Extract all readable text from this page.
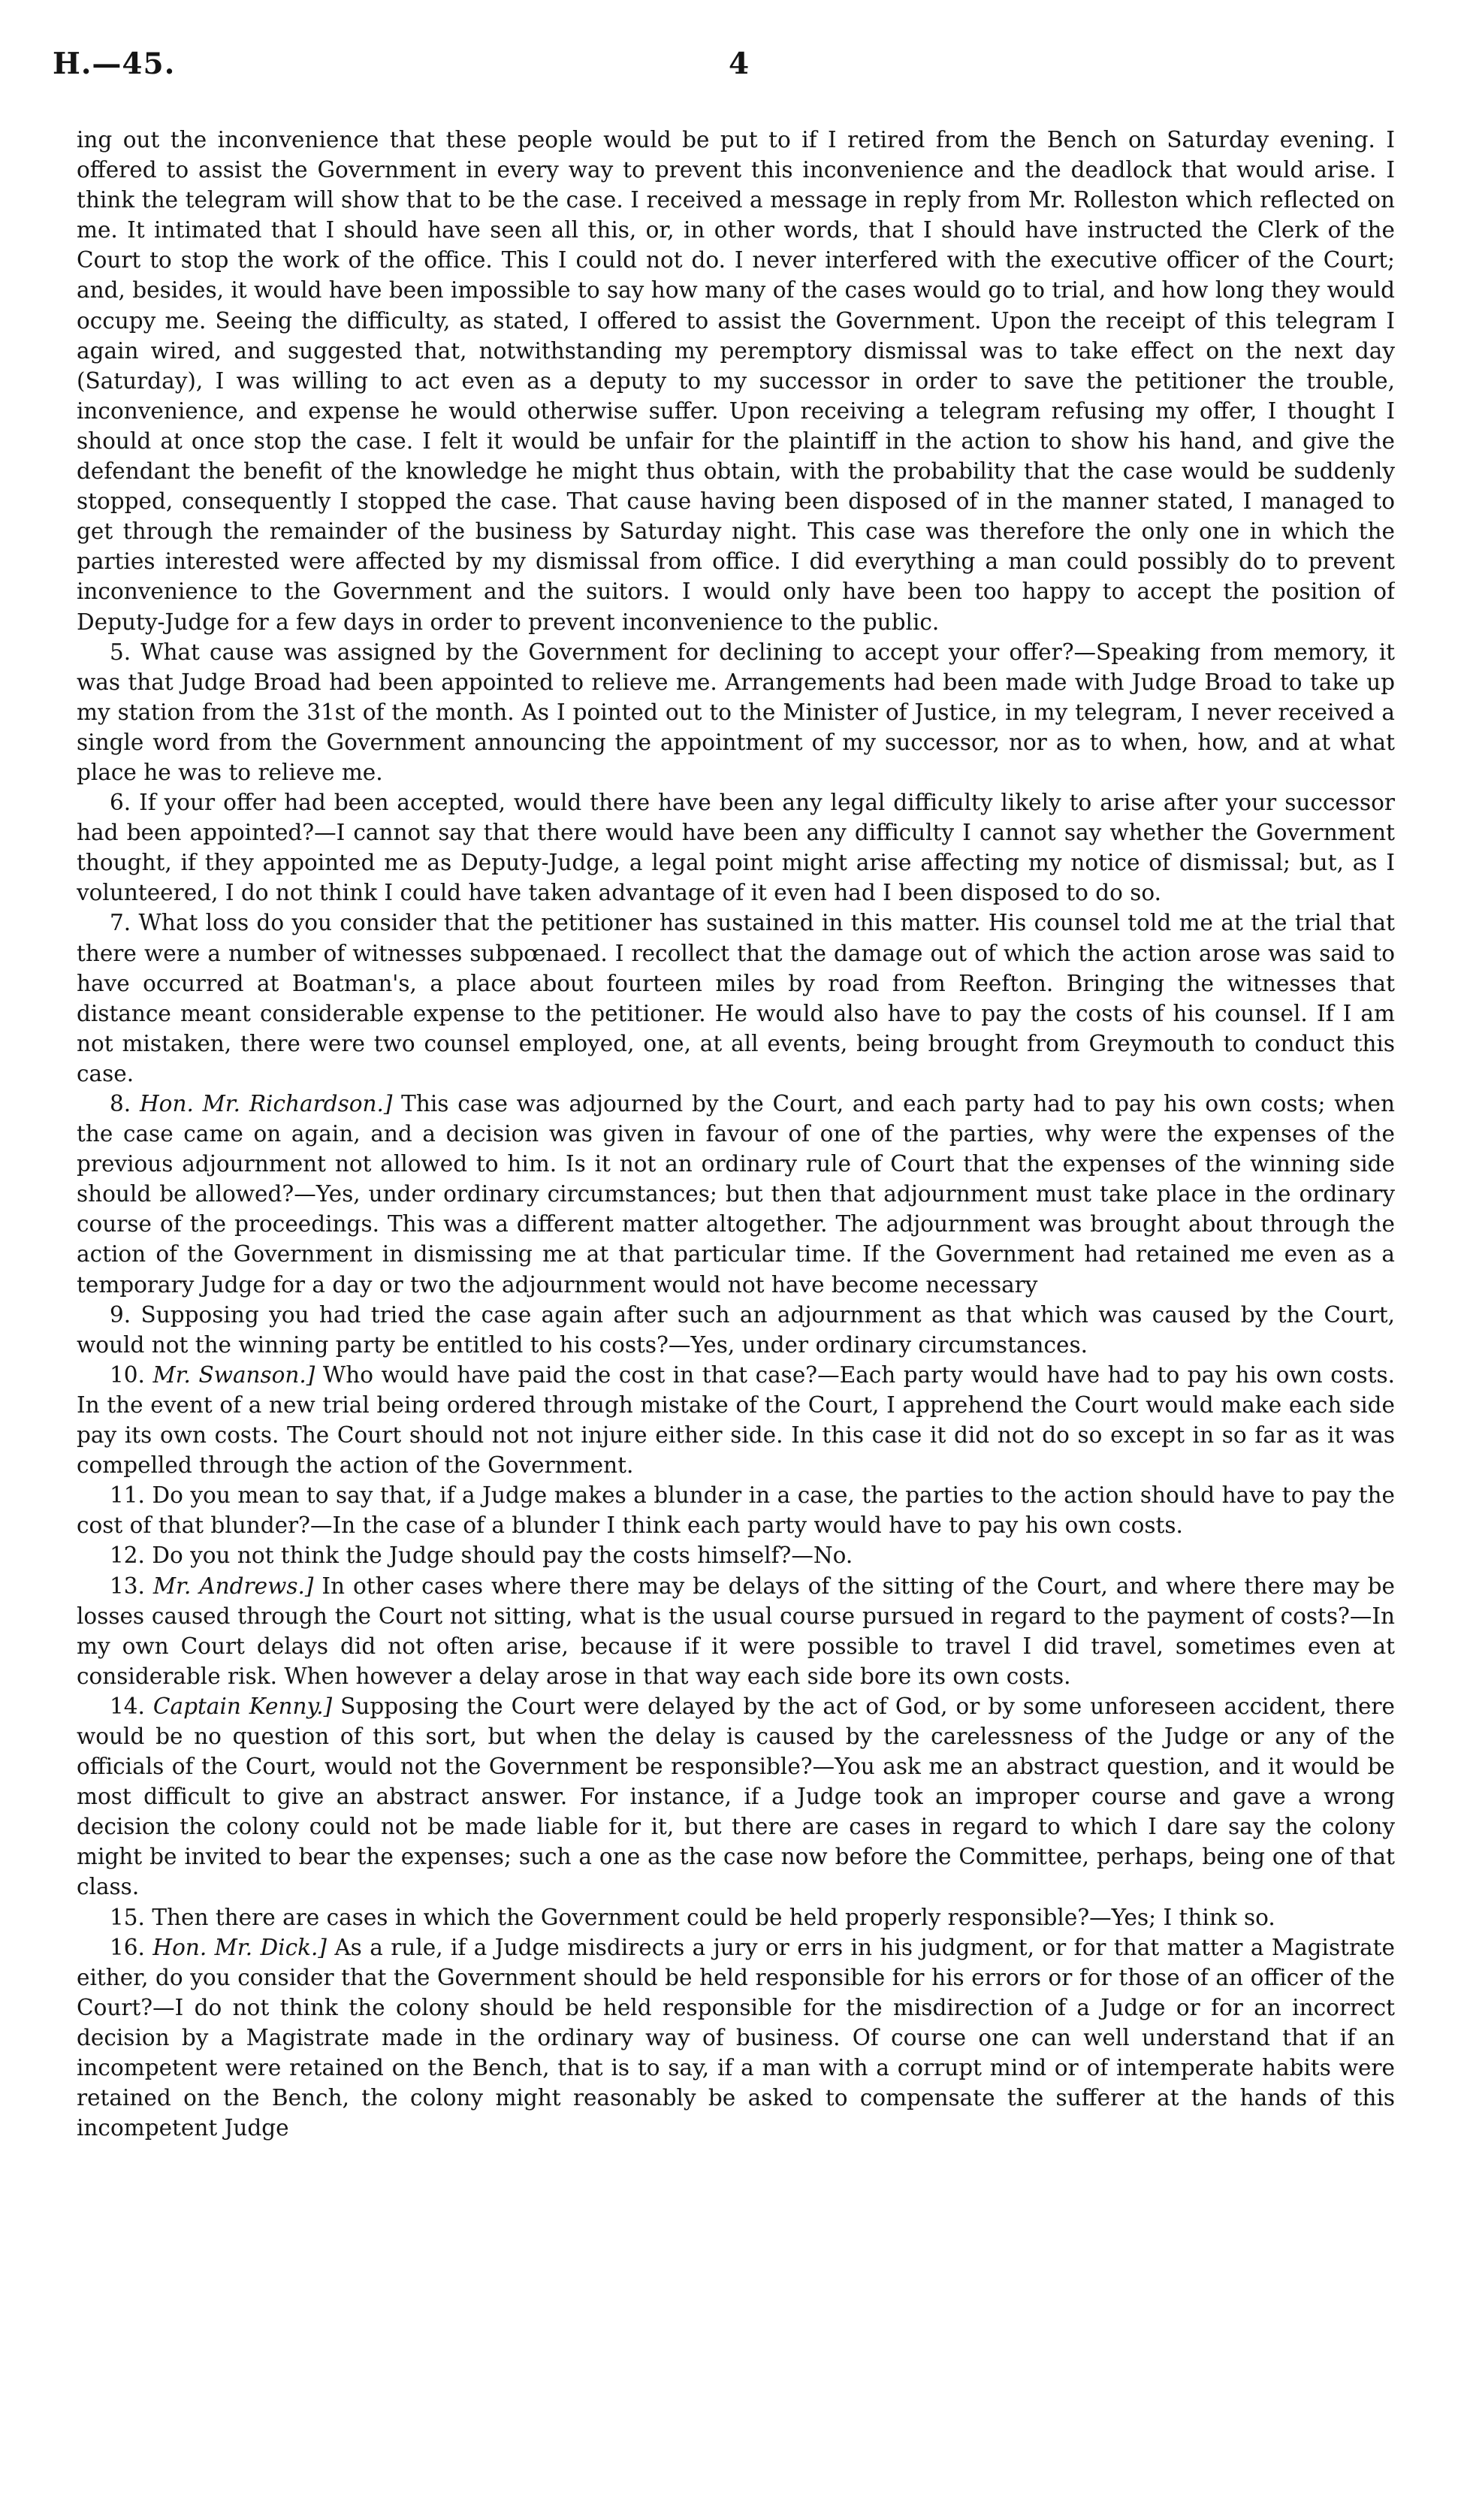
H.—45.	4

ing out the inconvenience that these people would be put to if I retired from the Bench on Saturday evening. I offered to assist the Government in every way to prevent this inconvenience and the deadlock that would arise. I think the telegram will show that to be the case. I received a message in reply from Mr. Rolleston which reflected on me. It intimated that I should have seen all this, or, in other words, that I should have instructed the Clerk of the Court to stop the work of the office. This I could not do. I never interfered with the executive officer of the Court; and, besides, it would have been impossible to say how many of the cases would go to trial, and how long they would occupy me. Seeing the difficulty, as stated, I offered to assist the Government. Upon the receipt of this telegram I again wired, and suggested that, notwithstanding my peremptory dismissal was to take effect on the next day (Saturday), I was willing to act even as a deputy to my successor in order to save the petitioner the trouble, inconvenience, and expense he would otherwise suffer. Upon receiving a telegram refusing my offer, I thought I should at once stop the case. I felt it would be unfair for the plaintiff in the action to show his hand, and give the defendant the benefit of the knowledge he might thus obtain, with the probability that the case would be suddenly stopped, consequently I stopped the case. That cause having been disposed of in the manner stated, I managed to get through the remainder of the business by Saturday night. This case was therefore the only one in which the parties interested were affected by my dismissal from office. I did everything a man could possibly do to prevent inconvenience to the Government and the suitors. I would only have been too happy to accept the position of Deputy-Judge for a few days in order to prevent inconvenience to the public.

5. What cause was assigned by the Government for declining to accept your offer?—Speaking from memory, it was that Judge Broad had been appointed to relieve me. Arrangements had been made with Judge Broad to take up my station from the 31st of the month. As I pointed out to the Minister of Justice, in my telegram, I never received a single word from the Government announcing the appointment of my successor, nor as to when, how, and at what place he was to relieve me.

6. If your offer had been accepted, would there have been any legal difficulty likely to arise after your successor had been appointed?—I cannot say that there would have been any difficulty I cannot say whether the Government thought, if they appointed me as Deputy-Judge, a legal point might arise affecting my notice of dismissal; but, as I volunteered, I do not think I could have taken advantage of it even had I been disposed to do so.

7. What loss do you consider that the petitioner has sustained in this matter. His counsel told me at the trial that there were a number of witnesses subpœnaed. I recollect that the damage out of which the action arose was said to have occurred at Boatman's, a place about fourteen miles by road from Reefton. Bringing the witnesses that distance meant considerable expense to the petitioner. He would also have to pay the costs of his counsel. If I am not mistaken, there were two counsel employed, one, at all events, being brought from Greymouth to conduct this case.

8. Hon. Mr. Richardson.] This case was adjourned by the Court, and each party had to pay his own costs; when the case came on again, and a decision was given in favour of one of the parties, why were the expenses of the previous adjournment not allowed to him. Is it not an ordinary rule of Court that the expenses of the winning side should be allowed?—Yes, under ordinary circumstances; but then that adjournment must take place in the ordinary course of the proceedings. This was a different matter altogether. The adjournment was brought about through the action of the Government in dismissing me at that particular time. If the Government had retained me even as a temporary Judge for a day or two the adjournment would not have become necessary

9. Supposing you had tried the case again after such an adjournment as that which was caused by the Court, would not the winning party be entitled to his costs?—Yes, under ordinary circumstances.

10. Mr. Swanson.] Who would have paid the cost in that case?—Each party would have had to pay his own costs. In the event of a new trial being ordered through mistake of the Court, I apprehend the Court would make each side pay its own costs. The Court should not not injure either side. In this case it did not do so except in so far as it was compelled through the action of the Government.

11. Do you mean to say that, if a Judge makes a blunder in a case, the parties to the action should have to pay the cost of that blunder?—In the case of a blunder I think each party would have to pay his own costs.

12. Do you not think the Judge should pay the costs himself?—No.

13. Mr. Andrews.] In other cases where there may be delays of the sitting of the Court, and where there may be losses caused through the Court not sitting, what is the usual course pursued in regard to the payment of costs?—In my own Court delays did not often arise, because if it were possible to travel I did travel, sometimes even at considerable risk. When however a delay arose in that way each side bore its own costs.

14. Captain Kenny.] Supposing the Court were delayed by the act of God, or by some unforeseen accident, there would be no question of this sort, but when the delay is caused by the carelessness of the Judge or any of the officials of the Court, would not the Government be responsible?—You ask me an abstract question, and it would be most difficult to give an abstract answer. For instance, if a Judge took an improper course and gave a wrong decision the colony could not be made liable for it, but there are cases in regard to which I dare say the colony might be invited to bear the expenses; such a one as the case now before the Committee, perhaps, being one of that class.

15. Then there are cases in which the Government could be held properly responsible?—Yes; I think so.

16. Hon. Mr. Dick.] As a rule, if a Judge misdirects a jury or errs in his judgment, or for that matter a Magistrate either, do you consider that the Government should be held responsible for his errors or for those of an officer of the Court?—I do not think the colony should be held responsible for the misdirection of a Judge or for an incorrect decision by a Magistrate made in the ordinary way of business. Of course one can well understand that if an incompetent were retained on the Bench, that is to say, if a man with a corrupt mind or of intemperate habits were retained on the Bench, the colony might reasonably be asked to compensate the sufferer at the hands of this incompetent Judge
